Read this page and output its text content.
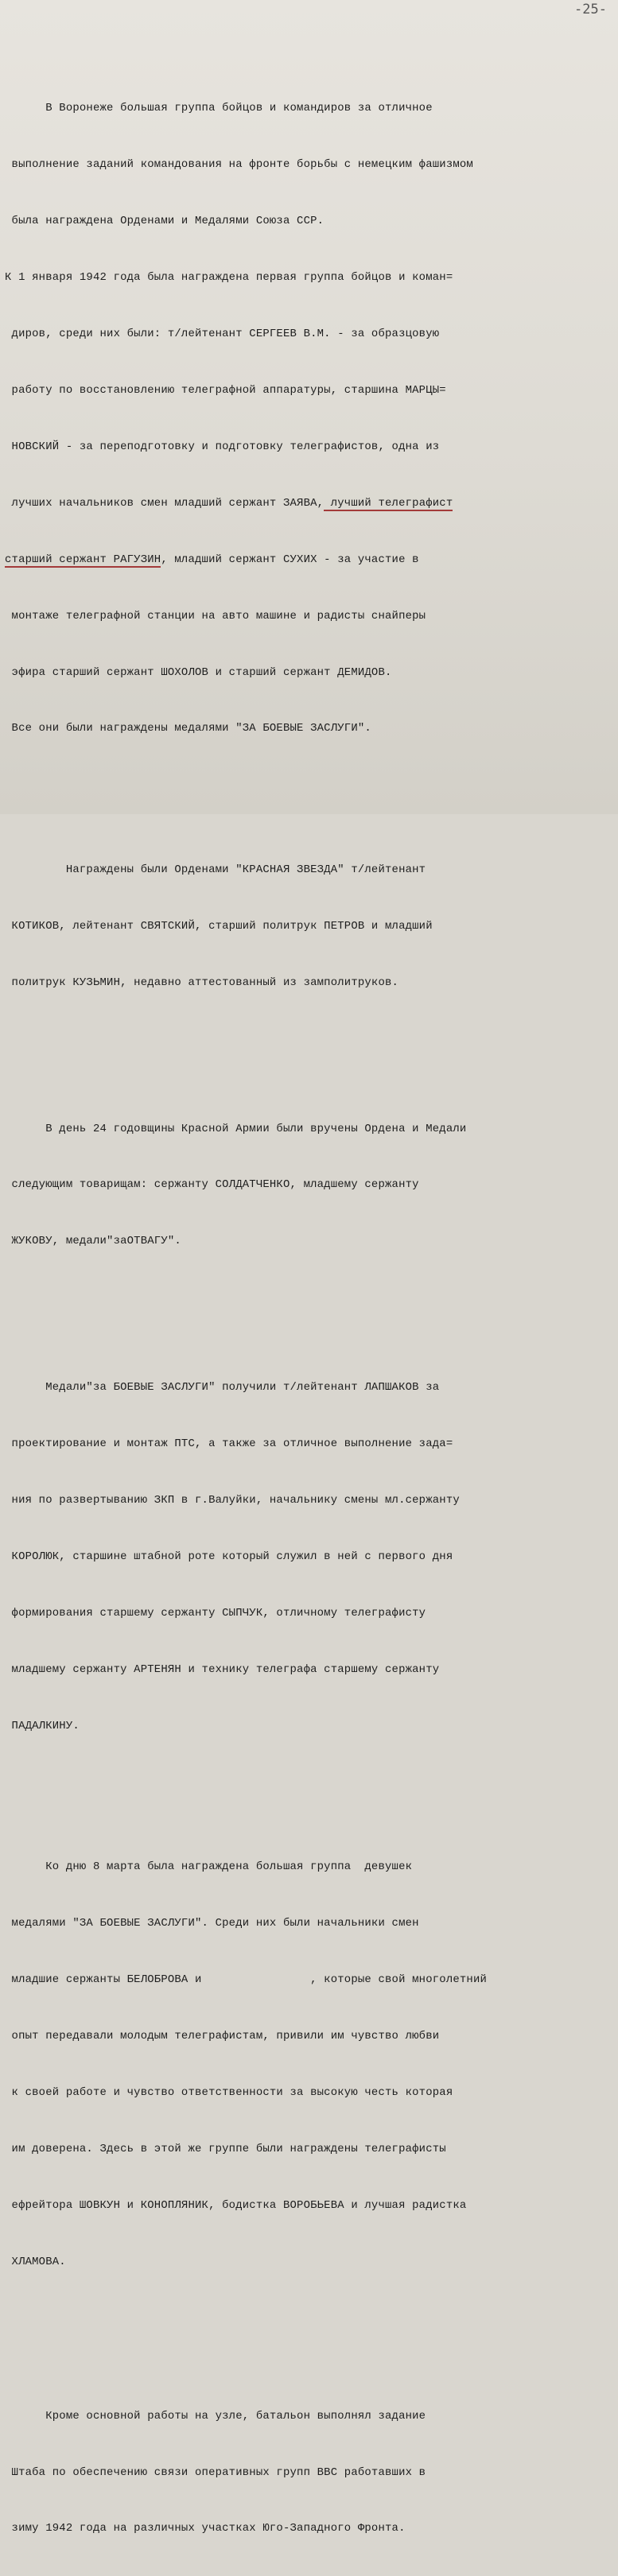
-25-

В Воронеже большая группа бойцов и командиров за отличное

выполнение заданий командования на фронте борьбы с немецким фашизмом

была награждена Орденами и Медалями Союза ССР.

К 1 января 1942 года была награждена первая группа бойцов и коман=

диров, среди них были: т/лейтенант СЕРГЕЕВ В.М. - за образцовую

работу по восстановлению телеграфной аппаратуры, старшина МАРЦЫ=

НОВСКИЙ - за переподготовку и подготовку телеграфистов, одна из

лучших начальников смен младший сержант ЗАЯВА, лучший телеграфист

старший сержант РАГУЗИН, младший сержант СУХИХ - за участие в

монтаже телеграфной станции на авто машине и радисты снайперы

эфира старший сержант ШОХОЛОВ и старший сержант ДЕМИДОВ.

Все они были награждены медалями "ЗА БОЕВЫЕ ЗАСЛУГИ".

Награждены были Орденами "КРАСНАЯ ЗВЕЗДА" т/лейтенант

КОТИКОВ, лейтенант СВЯТСКИЙ, старший политрук ПЕТРОВ и младший

политрук КУЗЬМИН, недавно аттестованный из замполитруков.

В день 24 годовщины Красной Армии были вручены Ордена и Медали

следующим товарищам: сержанту СОЛДАТЧЕНКО, младшему сержанту

ЖУКОВУ, медали"заОТВАГУ".

Медали"за БОЕВЫЕ ЗАСЛУГИ" получили т/лейтенант ЛАПШАКОВ за

проектирование и монтаж ПТС, а также за отличное выполнение зада=

ния по развертыванию ЗКП в г.Валуйки, начальнику смены мл.сержанту

КОРОЛЮК, старшине штабной роте который служил в ней с первого дня

формирования старшему сержанту СЫПЧУК, отличному телеграфисту

младшему сержанту АРТЕНЯН и технику телеграфа старшему сержанту

ПАДАЛКИНУ.

Ко дню 8 марта была награждена большая группа  девушек

медалями "ЗА БОЕВЫЕ ЗАСЛУГИ". Среди них были начальники смен

младшие сержанты БЕЛОБРОВА и                , которые свой многолетний

опыт передавали молодым телеграфистам, привили им чувство любви

к своей работе и чувство ответственности за высокую честь которая

им доверена. Здесь в этой же группе были награждены телеграфисты

ефрейтора ШОВКУН и КОНОПЛЯНИК, бодистка ВОРОБЬЕВА и лучшая радистка

ХЛАМОВА.

Кроме основной работы на узле, батальон выполнял задание

Штаба по обеспечению связи оперативных групп ВВС работавших в

зиму 1942 года на различных участках Юго-Западного Фронта.
